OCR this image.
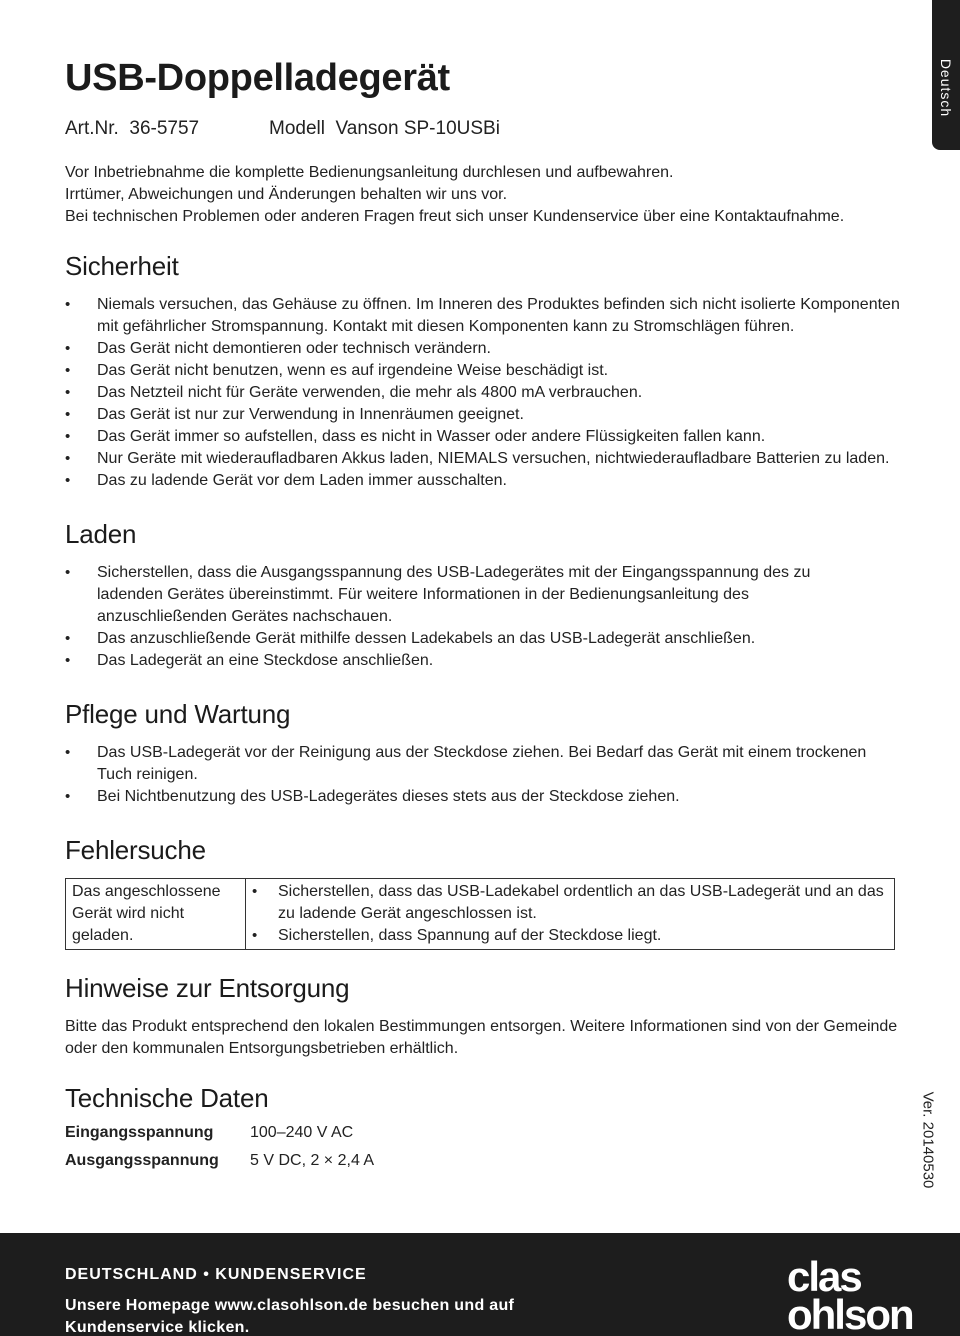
Deutsch
USB-Doppelladegerät
Art.Nr.  36-5757	Modell  Vanson SP-10USBi
Vor Inbetriebnahme die komplette Bedienungsanleitung durchlesen und aufbewahren.
Irrtümer, Abweichungen und Änderungen behalten wir uns vor.
Bei technischen Problemen oder anderen Fragen freut sich unser Kundenservice über eine Kontaktaufnahme.
Sicherheit
• Niemals versuchen, das Gehäuse zu öffnen. Im Inneren des Produktes befinden sich nicht isolierte Komponenten mit gefährlicher Stromspannung. Kontakt mit diesen Komponenten kann zu Stromschlägen führen.
• Das Gerät nicht demontieren oder technisch verändern.
• Das Gerät nicht benutzen, wenn es auf irgendeine Weise beschädigt ist.
• Das Netzteil nicht für Geräte verwenden, die mehr als 4800 mA verbrauchen.
• Das Gerät ist nur zur Verwendung in Innenräumen geeignet.
• Das Gerät immer so aufstellen, dass es nicht in Wasser oder andere Flüssigkeiten fallen kann.
• Nur Geräte mit wiederaufladbaren Akkus laden, NIEMALS versuchen, nichtwiederaufladbare Batterien zu laden.
• Das zu ladende Gerät vor dem Laden immer ausschalten.
Laden
• Sicherstellen, dass die Ausgangsspannung des USB-Ladegerätes mit der Eingangsspannung des zu ladenden Gerätes übereinstimmt. Für weitere Informationen in der Bedienungsanleitung des anzuschließenden Gerätes nachschauen.
• Das anzuschließende Gerät mithilfe dessen Ladekabels an das USB-Ladegerät anschließen.
• Das Ladegerät an eine Steckdose anschließen.
Pflege und Wartung
• Das USB-Ladegerät vor der Reinigung aus der Steckdose ziehen. Bei Bedarf das Gerät mit einem trockenen Tuch reinigen.
• Bei Nichtbenutzung des USB-Ladegerätes dieses stets aus der Steckdose ziehen.
Fehlersuche
Das angeschlossene Gerät wird nicht geladen.	
• Sicherstellen, dass das USB-Ladekabel ordentlich an das USB-Ladegerät und an das zu ladende Gerät angeschlossen ist.
• Sicherstellen, dass Spannung auf der Steckdose liegt.
Hinweise zur Entsorgung

Bitte das Produkt entsprechend den lokalen Bestimmungen entsorgen. Weitere Informationen sind von der Gemeinde oder den kommunalen Entsorgungsbetrieben erhältlich.

Technische Daten
Eingangsspannung	100–240 V AC
Ausgangsspannung	5 V DC, 2 × 2,4 A	Ver. 20140530
DEUTSCHLAND • KUNDENSERVICE
Unsere Homepage www.clasohlson.de besuchen und auf Kundenservice klicken.
clas
ohlson
